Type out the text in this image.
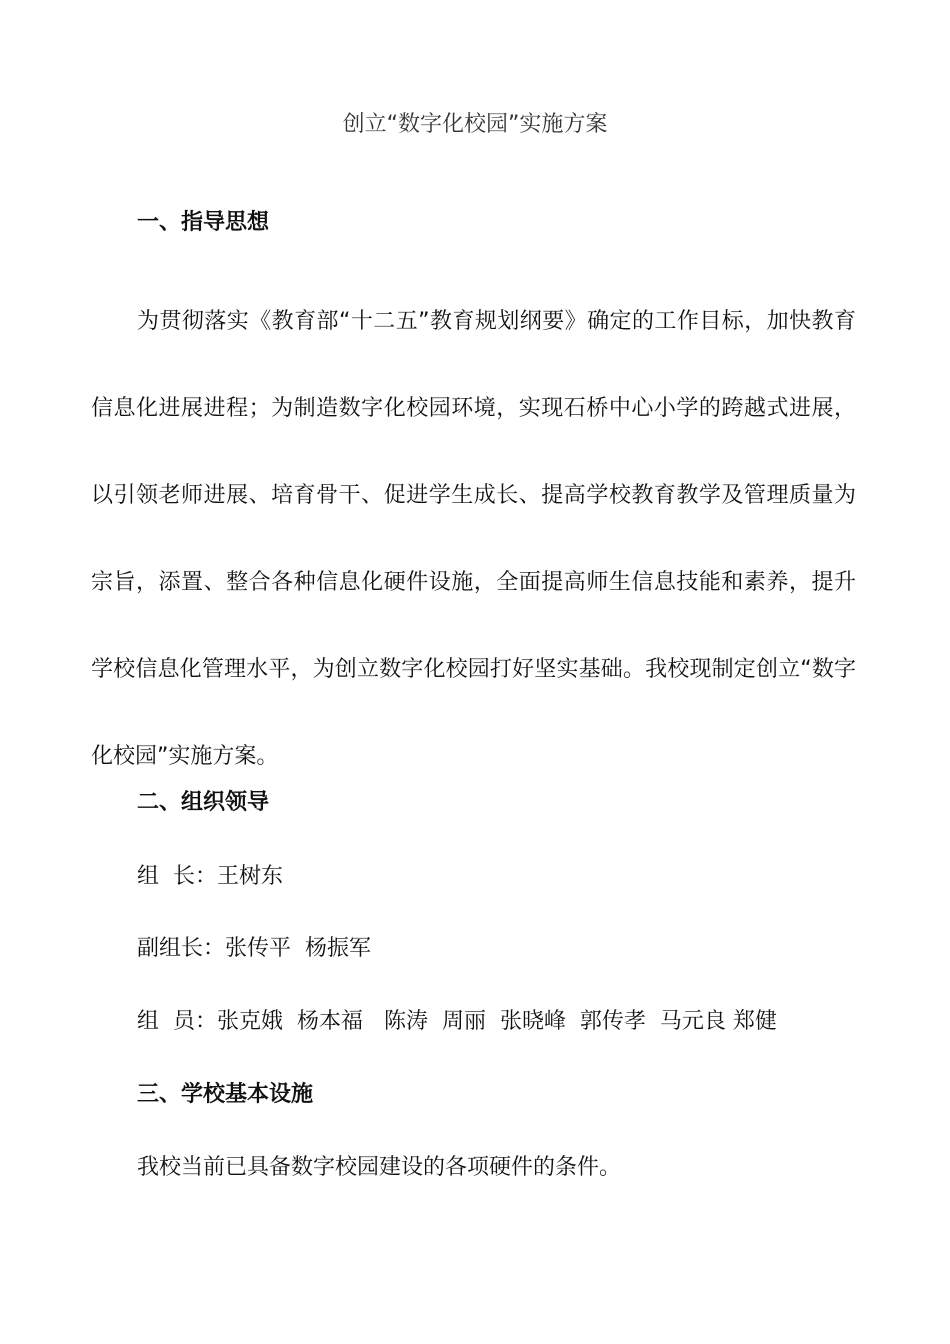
创立“数字化校园”实施方案
一、指导思想

为贯彻落实《教育部“十二五”教育规划纲要》确定的工作目标，加快教育信息化进展进程；为制造数字化校园环境，实现石桥中心小学的跨越式进展，以引领老师进展、培育骨干、促进学生成长、提高学校教育教学及管理质量为宗旨，添置、整合各种信息化硬件设施，全面提高师生信息技能和素养，提升学校信息化管理水平，为创立数字化校园打好坚实基础。我校现制定创立“数字化校园”实施方案。

二、组织领导

组  长：王树东

副组长：张传平  杨振军

组  员：张克娥  杨本福   陈涛  周丽  张晓峰  郭传孝  马元良 郑健

三、学校基本设施

我校当前已具备数字校园建设的各项硬件的条件。
